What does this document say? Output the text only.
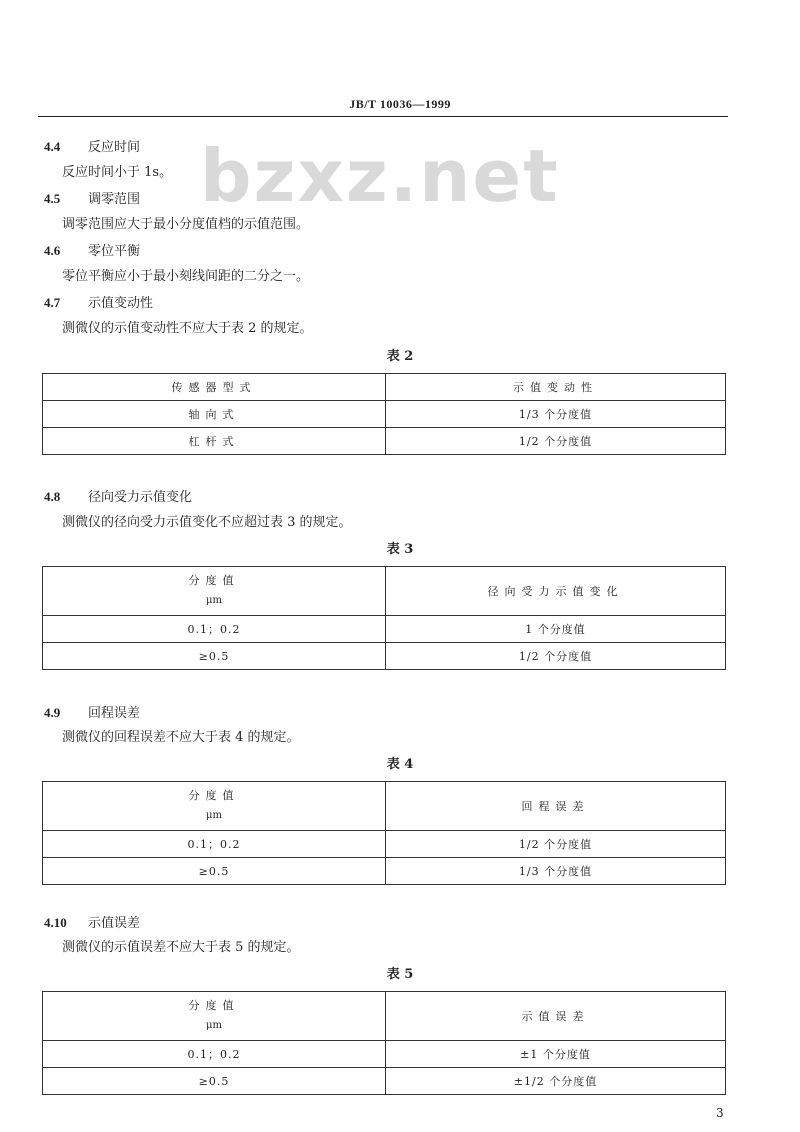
JB/T 10036—1999
bzxz.net
4.4 反应时间
反应时间小于 1s。
4.5 调零范围
调零范围应大于最小分度值档的示值范围。
4.6 零位平衡
零位平衡应小于最小刻线间距的二分之一。
4.7 示值变动性
测微仪的示值变动性不应大于表 2 的规定。
表 2
传感器型式	示值变动性
轴向式	1/3 个分度值
杠杆式	1/2 个分度值
4.8 径向受力示值变化
测微仪的径向受力示值变化不应超过表 3 的规定。
表 3
分度值
μm	径向受力示值变化
0.1；0.2	1 个分度值
≥0.5	1/2 个分度值
4.9 回程误差
测微仪的回程误差不应大于表 4 的规定。
表 4
分度值
μm	回程误差
0.1；0.2	1/2 个分度值
≥0.5	1/3 个分度值
4.10 示值误差
测微仪的示值误差不应大于表 5 的规定。
表 5
分度值
μm	示值误差
0.1；0.2	±1 个分度值
≥0.5	±1/2 个分度值
3
